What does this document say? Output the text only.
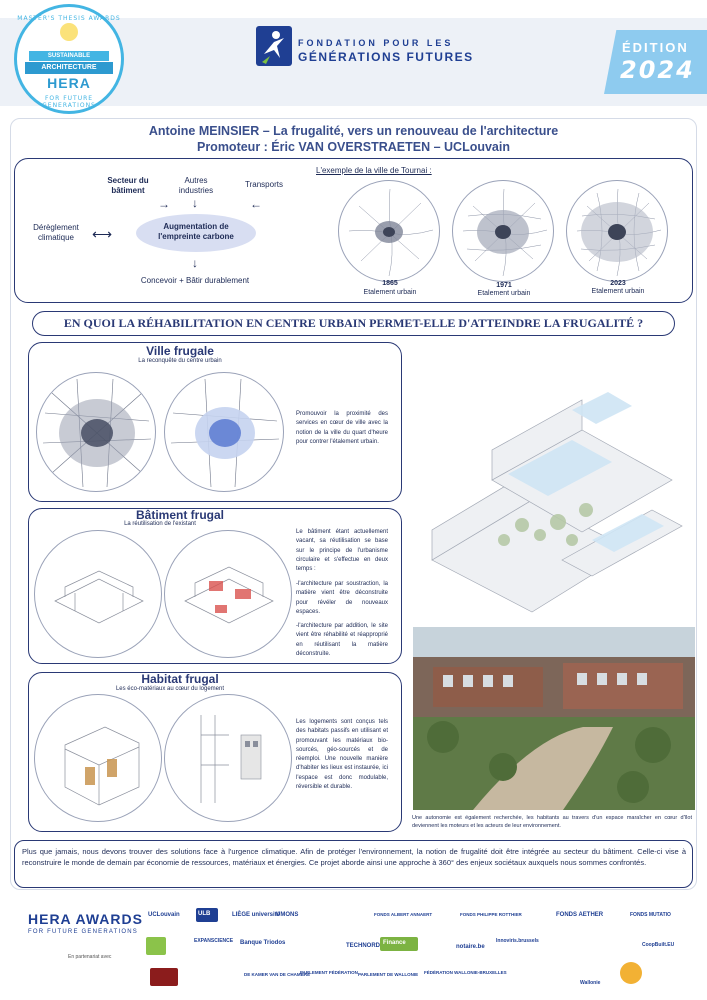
MASTER'S THESIS AWARDS
SUSTAINABLE
ARCHITECTURE
HERA
FOR FUTURE GENERATIONS
FONDATION POUR LES
GÉNÉRATIONS FUTURES
ÉDITION
2024
Antoine MEINSIER – La frugalité, vers un renouveau de l'architecture
Promoteur : Éric VAN OVERSTRAETEN – UCLouvain
Secteur du bâtiment
Autres industries
Transports
→ ↓	←
Augmentation de l'empreinte carbone
Dérèglement climatique	⟷
↓
Concevoir + Bâtir durablement
L'exemple de la ville de Tournai :
1865
Etalement urbain
1971
Etalement urbain
2023
Etalement urbain
EN QUOI LA RÉHABILITATION EN CENTRE URBAIN PERMET-ELLE D'ATTEINDRE LA FRUGALITÉ ?
Ville frugale
La reconquête du centre urbain
Promouvoir la proximité des services en cœur de ville avec la notion de la ville du quart d'heure pour contrer l'étalement urbain.
Bâtiment frugal
La réutilisation de l'existant
Le bâtiment étant actuellement vacant, sa réutilisation se base sur le principe de l'urbanisme circulaire et s'effectue en deux temps :
-l'architecture par soustraction, la matière vient être déconstruite pour révéler de nouveaux espaces.
-l'architecture par addition, le site vient être réhabilité et réapproprié en réutilisant la matière déconstruite.
Habitat frugal
Les éco-matériaux au cœur du logement
Les logements sont conçus tels des habitats passifs en utilisant et promouvant les matériaux bio-sourcés, géo-sourcés et de réemploi. Une nouvelle manière d'habiter les lieux est instaurée, ici l'espace est donc modulable, réversible et durable.
Une autonomie est également recherchée, les habitants au travers d'un espace maraîcher en cœur d'îlot deviennent les moteurs et les acteurs de leur environnement.
Plus que jamais, nous devons trouver des solutions face à l'urgence climatique. Afin de protéger l'environnement, la notion de frugalité doit être intégrée au secteur du bâtiment. Celle-ci vise à reconstruire le monde de demain par économie de ressources, matériaux et énergies. Ce projet aborde ainsi une approche à 360° des enjeux sociétaux auxquels nous sommes confrontés.
HERA AWARDS
FOR FUTURE GENERATIONS
En partenariat avec
UCLouvain	ULB	LIÈGE université
UMONS	FONDS ALBERT ANNAERT	FONDS PHILIPPE ROTTHIER	FONDS AETHER	FONDS MUTATIO
EXPANSCIENCE Banque Triodos	TECHNORD Finance
notaire.be
Innoviris.brussels
CoopBuilt.EU
DE KAMER VAN DE CHAMBRE
PARLEMENT FÉDÉRATION PARLEMENT DE WALLONIE FÉDÉRATION WALLONIE-BRUXELLES
Wallonie
